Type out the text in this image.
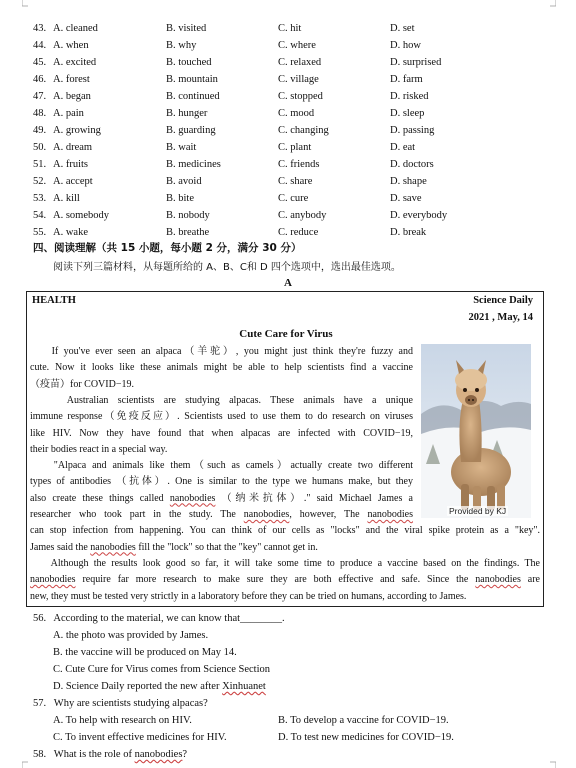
43. A. cleaned	B. visited	C. hit	D. set
44. A. when	B. why	C. where	D. how
45. A. excited	B. touched	C. relaxed	D. surprised
46. A. forest	B. mountain	C. village	D. farm
47. A. began	B. continued	C. stopped	D. risked
48. A. pain	B. hunger	C. mood	D. sleep
49. A. growing	B. guarding	C. changing	D. passing
50. A. dream	B. wait	C. plant	D. eat
51. A. fruits	B. medicines	C. friends	D. doctors
52. A. accept	B. avoid	C. share	D. shape
53. A. kill	B. bite	C. cure	D. save
54. A. somebody	B. nobody	C. anybody	D. everybody
55. A. wake	B. breathe	C. reduce	D. break
四、阅读理解（共 15 小题，每小题 2 分，满分 30 分）
阅读下列三篇材料，从每题所给的 A、B、C和 D 四个选项中，选出最佳选项。
A
HEALTH	Science Daily
2021 , May, 14
Cute Care for Virus
If you've ever seen an alpaca（羊驼）, you might just think they're fuzzy and
cute. Now it looks like these animals might be able to help scientists find a vaccine
（疫苗）for COVID−19.
Australian scientists are studying alpacas. These animals have a unique
immune response（免疫反应）. Scientists used to use them to do research on viruses
like HIV. Now they have found that when alpacas are infected with COVID−19,
their bodies react in a special way.
"Alpaca and animals like them（such as camels）actually create two different
types of antibodies （抗体）. One is similar to the type we humans make, but they
also create these things called nanobodies （纳米抗体）." said Michael James a
researcher who took part in the study. The nanobodies, however, The nanobodies
can stop infection from happening. You can think of our cells as "locks" and the viral spike protein as a "key".
James said the nanobodies fill the "lock" so that the "key" cannot get in.
Although the results look good so far, it will take some time to produce a vaccine based on the findings. The
nanobodies require far more research to make sure they are both effective and safe. Since the nanobodies are
new, they must be tested very strictly in a laboratory before they can be tried on humans, according to James.
Provided by KJ
56.   According to the material, we can know that________.
A. the photo was provided by James.
B. the vaccine will be produced on May 14.
C. Cute Cure for Virus comes from Science Section
D. Science Daily reported the new after Xinhuanet
57.   Why are scientists studying alpacas?
A. To help with research on HIV.	B. To develop a vaccine for COVID−19.
C. To invent effective medicines for HIV.	D. To test new medicines for COVID−19.
58.   What is the role of nanobodies?
